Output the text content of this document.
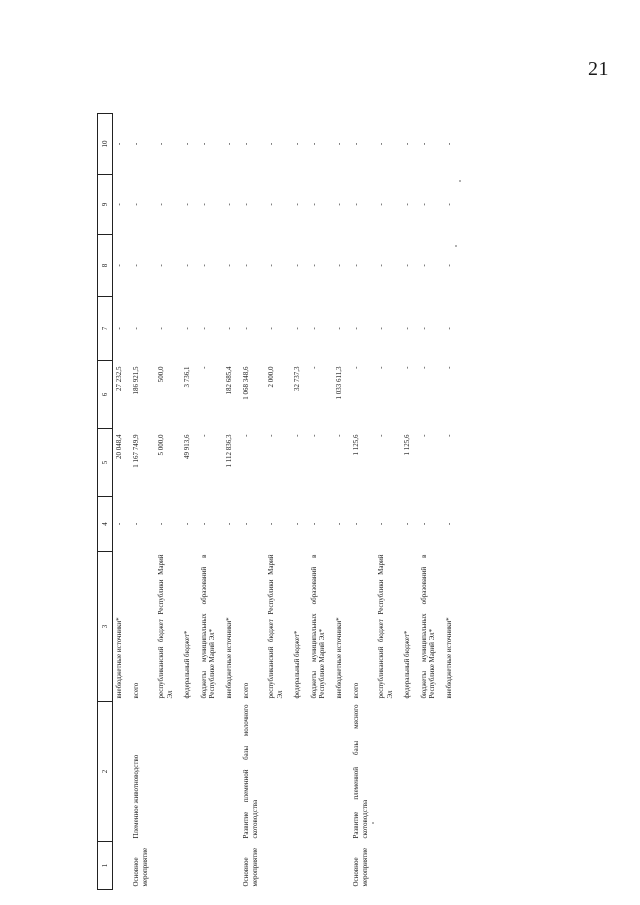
21
1	2	3	4	5	6	7	8	9	10
		внебюджетные источники*	-	20 048,4	27 232,5	-	-	-	-
Основное мероприятие	Племенное животноводство	всего	-	1 167 749,9	186 921,5	-	-	-	-
		республиканский бюджет Республики Марий Эл	-	5 000,0	500,0	-	-	-	-
		федеральный бюджет*	-	49 913,6	3 736,1	-	-	-	-
		бюджеты муниципальных образований в Республике Марий Эл*	-	-	-	-	-	-	-
		внебюджетные источники*	-	1 112 836,3	182 685,4	-	-	-	-
Основное мероприятие	Развитие племенной базы молочного скотоводства	всего	-	-	1 068 348,6	-	-	-	-
		республиканский бюджет Республики Марий Эл	-	-	2 000,0	-	-	-	-
		федеральный бюджет*	-	-	32 737,3	-	-	-	-
		бюджеты муниципальных образований в Республике Марий Эл*	-	-	-	-	-	-	-
		внебюджетные источники*	-	-	1 033 611,3	-	-	-	-
Основное мероприятие	Развитие племенной базы мясного скотоводства	всего	-	1 125,6	-	-	-	-	-
		республиканский бюджет Республики Марий Эл	-	-	-	-	-	-	-
		федеральный бюджет*	-	1 125,6	-	-	-	-	-
		бюджеты муниципальных образований в Республике Марий Эл*	-	-	-	-	-	-	-
		внебюджетные источники*	-	-	-	-	-	-	-
